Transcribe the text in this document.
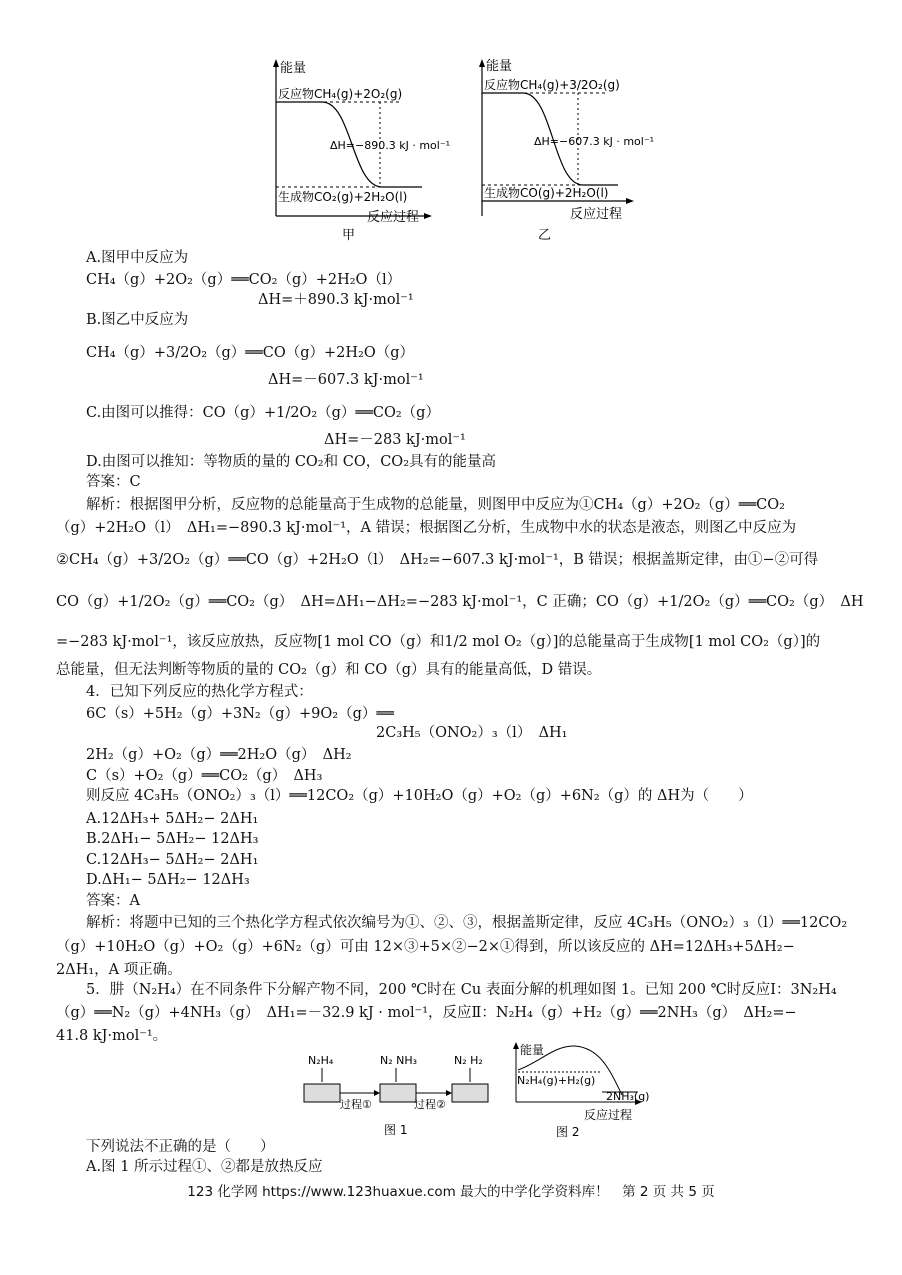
能量
反应物CH₄(g)+2O₂(g)
ΔH=−890.3 kJ · mol⁻¹
生成物CO₂(g)+2H₂O(l)
反应过程
甲
能量
反应物CH₄(g)+3/2O₂(g)
ΔH=−607.3 kJ · mol⁻¹
生成物CO(g)+2H₂O(l)
反应过程
乙
A.图甲中反应为
CH₄（g）+2O₂（g）══CO₂（g）+2H₂O（l）
ΔH=＋890.3 kJ·mol⁻¹
B.图乙中反应为
CH₄（g）+3/2O₂（g）══CO（g）+2H₂O（g）
ΔH=－607.3 kJ·mol⁻¹
C.由图可以推得：CO（g）+1/2O₂（g）══CO₂（g）
ΔH=－283 kJ·mol⁻¹
D.由图可以推知：等物质的量的 CO₂和 CO，CO₂具有的能量高
答案：C
解析：根据图甲分析，反应物的总能量高于生成物的总能量，则图甲中反应为①CH₄（g）+2O₂（g）══CO₂
（g）+2H₂O（l）　ΔH₁=−890.3 kJ·mol⁻¹，A 错误；根据图乙分析，生成物中水的状态是液态，则图乙中反应为
②CH₄（g）+3/2O₂（g）══CO（g）+2H₂O（l）　ΔH₂=−607.3 kJ·mol⁻¹，B 错误；根据盖斯定律，由①−②可得
CO（g）+1/2O₂（g）══CO₂（g）　ΔH=ΔH₁−ΔH₂=−283 kJ·mol⁻¹，C 正确；CO（g）+1/2O₂（g）══CO₂（g）　ΔH
=−283 kJ·mol⁻¹，该反应放热，反应物[1 mol CO（g）和1/2 mol O₂（g）]的总能量高于生成物[1 mol CO₂（g）]的
总能量，但无法判断等物质的量的 CO₂（g）和 CO（g）具有的能量高低，D 错误。
4．已知下列反应的热化学方程式：
6C（s）+5H₂（g）+3N₂（g）+9O₂（g）══
2C₃H₅（ONO₂）₃（l）　ΔH₁
2H₂（g）+O₂（g）══2H₂O（g）　ΔH₂
C（s）+O₂（g）══CO₂（g）　ΔH₃
则反应 4C₃H₅（ONO₂）₃（l）══12CO₂（g）+10H₂O（g）+O₂（g）+6N₂（g）的 ΔH为（　　）
A.12ΔH₃+ 5ΔH₂− 2ΔH₁
B.2ΔH₁− 5ΔH₂− 12ΔH₃
C.12ΔH₃− 5ΔH₂− 2ΔH₁
D.ΔH₁− 5ΔH₂− 12ΔH₃
答案：A
解析：将题中已知的三个热化学方程式依次编号为①、②、③，根据盖斯定律，反应 4C₃H₅（ONO₂）₃（l）══12CO₂
（g）+10H₂O（g）+O₂（g）+6N₂（g）可由 12×③+5×②−2×①得到，所以该反应的 ΔH=12ΔH₃+5ΔH₂−
2ΔH₁，A 项正确。
5．肼（N₂H₄）在不同条件下分解产物不同，200 ℃时在 Cu 表面分解的机理如图 1。已知 200 ℃时反应Ⅰ：3N₂H₄
（g）══N₂（g）+4NH₃（g）　ΔH₁=－32.9 kJ · mol⁻¹，反应Ⅱ：N₂H₄（g）+H₂（g）══2NH₃（g）　ΔH₂=−
41.8 kJ·mol⁻¹。
下列说法不正确的是（　　）
A.图 1 所示过程①、②都是放热反应
N₂H₄	N₂ NH₃	N₂ H₂
过程①	过程②
图 1
能量
N₂H₄(g)+H₂(g)
2NH₃(g)
反应过程
图 2
123 化学网 https://www.123huaxue.com 最大的中学化学资料库！　第 2 页 共 5 页
